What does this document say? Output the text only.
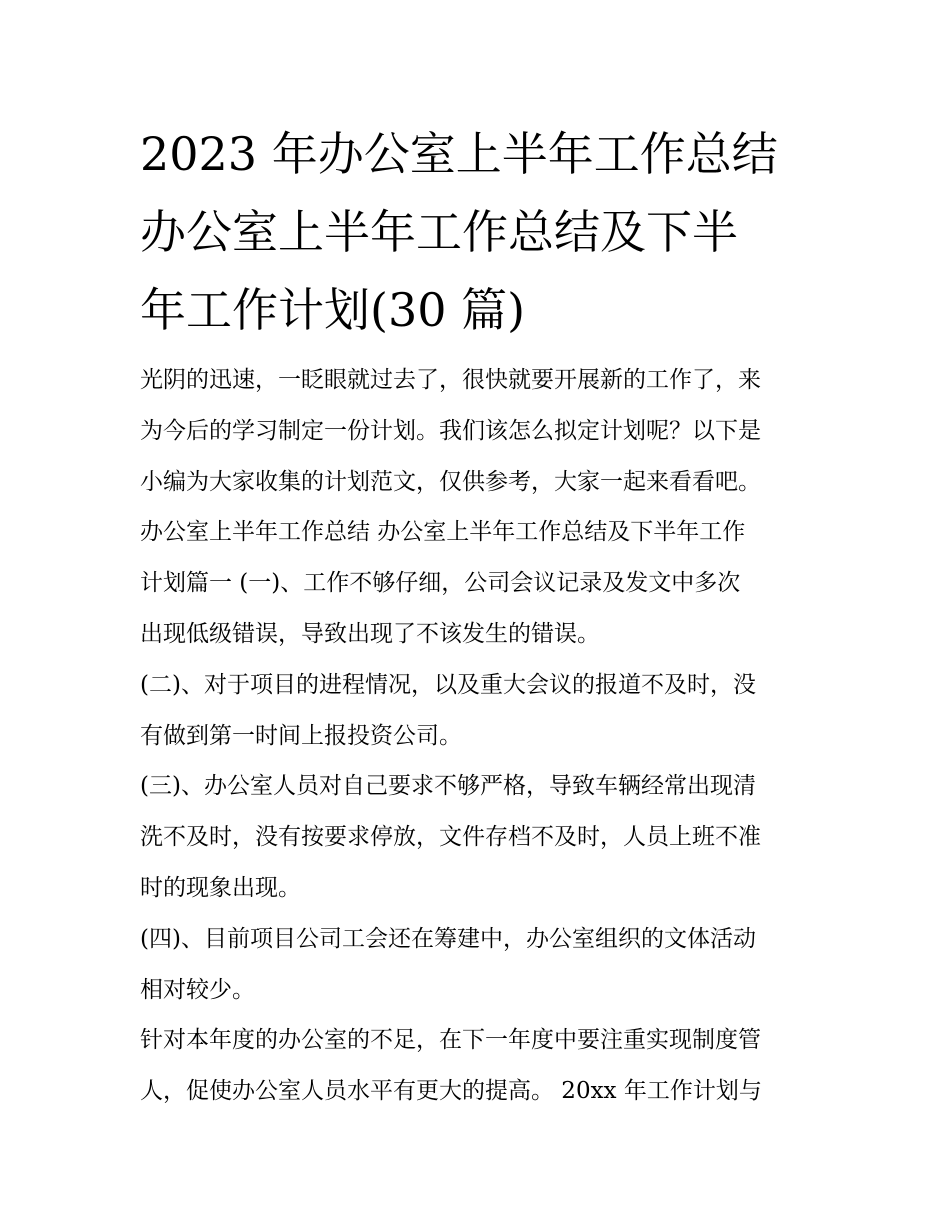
2023 年办公室上半年工作总结
办公室上半年工作总结及下半
年工作计划(30 篇)
光阴的迅速，一眨眼就过去了，很快就要开展新的工作了，来
为今后的学习制定一份计划。我们该怎么拟定计划呢？以下是
小编为大家收集的计划范文，仅供参考，大家一起来看看吧。
办公室上半年工作总结 办公室上半年工作总结及下半年工作
计划篇一 (一)、工作不够仔细，公司会议记录及发文中多次
出现低级错误，导致出现了不该发生的错误。
(二)、对于项目的进程情况，以及重大会议的报道不及时，没
有做到第一时间上报投资公司。
(三)、办公室人员对自己要求不够严格，导致车辆经常出现清
洗不及时，没有按要求停放，文件存档不及时，人员上班不准
时的现象出现。
(四)、目前项目公司工会还在筹建中，办公室组织的文体活动
相对较少。
针对本年度的办公室的不足，在下一年度中要注重实现制度管
人，促使办公室人员水平有更大的提高。 20xx 年工作计划与
